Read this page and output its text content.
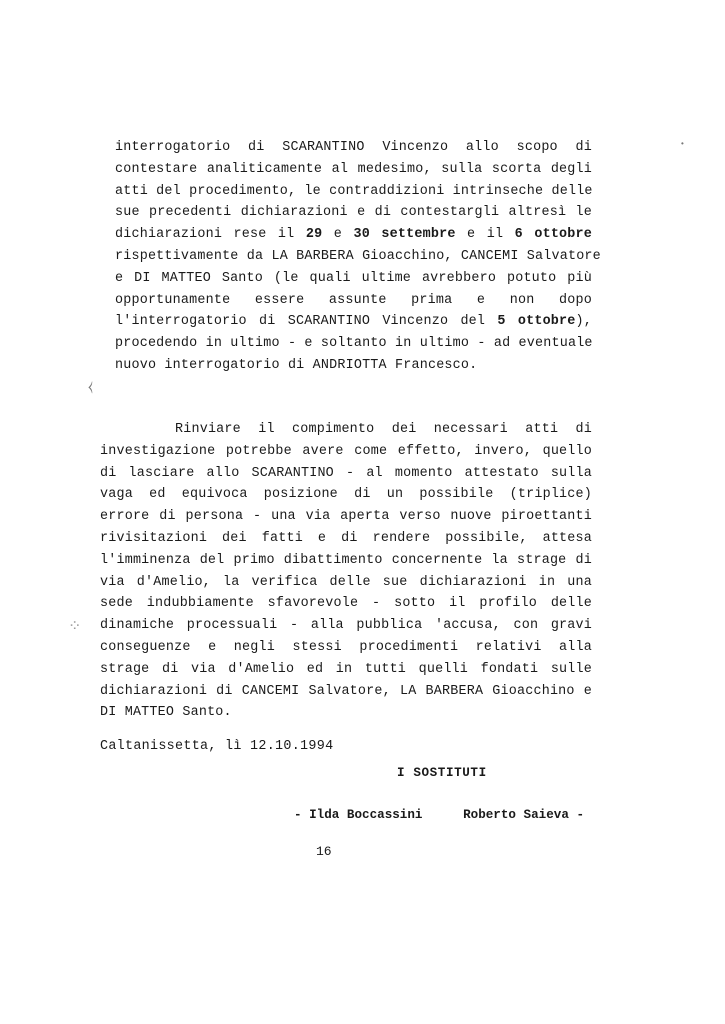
interrogatorio di SCARANTINO Vincenzo allo scopo di
contestare analiticamente al medesimo, sulla scorta degli
atti del procedimento, le contraddizioni intrinseche delle
sue precedenti dichiarazioni e di contestargli altresì le
dichiarazioni rese il 29 e 30 settembre e il 6 ottobre
rispettivamente da LA BARBERA Gioacchino, CANCEMI Salvatore
e DI MATTEO Santo (le quali ultime avrebbero potuto più
opportunamente essere assunte prima e non dopo
l'interrogatorio di SCARANTINO Vincenzo del 5 ottobre),
procedendo in ultimo - e soltanto in ultimo - ad eventuale
nuovo interrogatorio di ANDRIOTTA Francesco.
Rinviare il compimento dei necessari atti di
investigazione potrebbe avere come effetto, invero, quello
di lasciare allo SCARANTINO - al momento attestato sulla
vaga ed equivoca posizione di un possibile (triplice)
errore di persona - una via aperta verso nuove piroettanti
rivisitazioni dei fatti e di rendere possibile, attesa
l'imminenza del primo dibattimento concernente la strage di
via d'Amelio, la verifica delle sue dichiarazioni in una
sede indubbiamente sfavorevole - sotto il profilo delle
dinamiche processuali - alla pubblica 'accusa, con gravi
conseguenze e negli stessi procedimenti relativi alla
strage di via d'Amelio ed in tutti quelli fondati sulle
dichiarazioni di CANCEMI Salvatore, LA BARBERA Gioacchino e
DI MATTEO Santo.
Caltanissetta, lì 12.10.1994
I SOSTITUTI
- Ilda Boccassini	Roberto Saieva -
16
⧼
⁘
•
